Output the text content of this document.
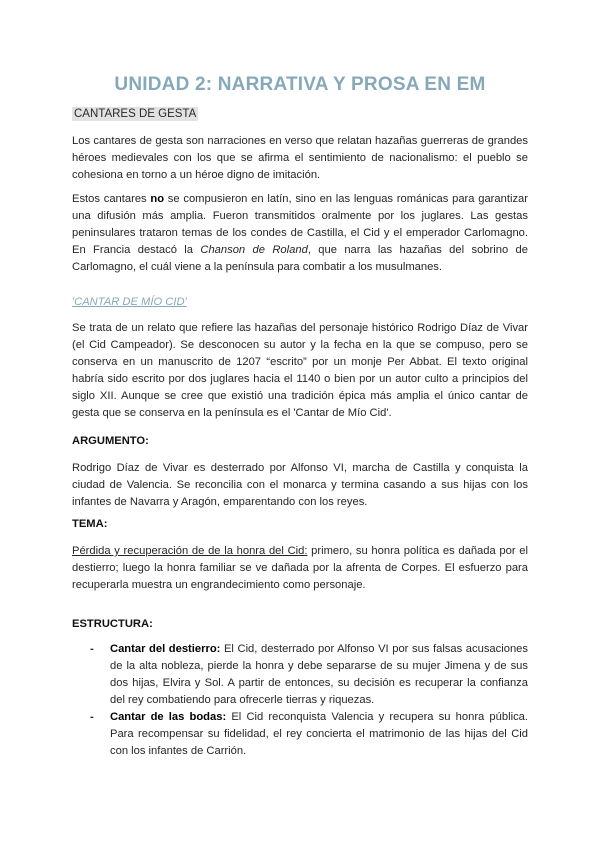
UNIDAD 2: NARRATIVA Y PROSA EN EM
CANTARES DE GESTA

Los cantares de gesta son narraciones en verso que relatan hazañas guerreras de grandes héroes medievales con los que se afirma el sentimiento de nacionalismo: el pueblo se cohesiona en torno a un héroe digno de imitación.

Estos cantares no se compusieron en latín, sino en las lenguas románicas para garantizar una difusión más amplia. Fueron transmitidos oralmente por los juglares. Las gestas peninsulares trataron temas de los condes de Castilla, el Cid y el emperador Carlomagno. En Francia destacó la Chanson de Roland, que narra las hazañas del sobrino de Carlomagno, el cuál viene a la península para combatir a los musulmanes.

'CANTAR DE MÍO CID'

Se trata de un relato que refiere las hazañas del personaje histórico Rodrigo Díaz de Vivar (el Cid Campeador). Se desconocen su autor y la fecha en la que se compuso, pero se conserva en un manuscrito de 1207 “escrito” por un monje Per Abbat. El texto original habría sido escrito por dos juglares hacia el 1140 o bien por un autor culto a principios del siglo XII. Aunque se cree que existió una tradición épica más amplia el único cantar de gesta que se conserva en la península es el 'Cantar de Mío Cid'.

ARGUMENTO:

Rodrigo Díaz de Vivar es desterrado por Alfonso VI, marcha de Castilla y conquista la ciudad de Valencia. Se reconcilia con el monarca y termina casando a sus hijas con los infantes de Navarra y Aragón, emparentando con los reyes.

TEMA:

Pérdida y recuperación de de la honra del Cid: primero, su honra política es dañada por el destierro; luego la honra familiar se ve dañada por la afrenta de Corpes. El esfuerzo para recuperarla muestra un engrandecimiento como personaje.

ESTRUCTURA:
- Cantar del destierro: El Cid, desterrado por Alfonso VI por sus falsas acusaciones de la alta nobleza, pierde la honra y debe separarse de su mujer Jimena y de sus dos hijas, Elvira y Sol. A partir de entonces, su decisión es recuperar la confianza del rey combatiendo para ofrecerle tierras y riquezas.
- Cantar de las bodas: El Cid reconquista Valencia y recupera su honra pública. Para recompensar su fidelidad, el rey concierta el matrimonio de las hijas del Cid con los infantes de Carrión.
